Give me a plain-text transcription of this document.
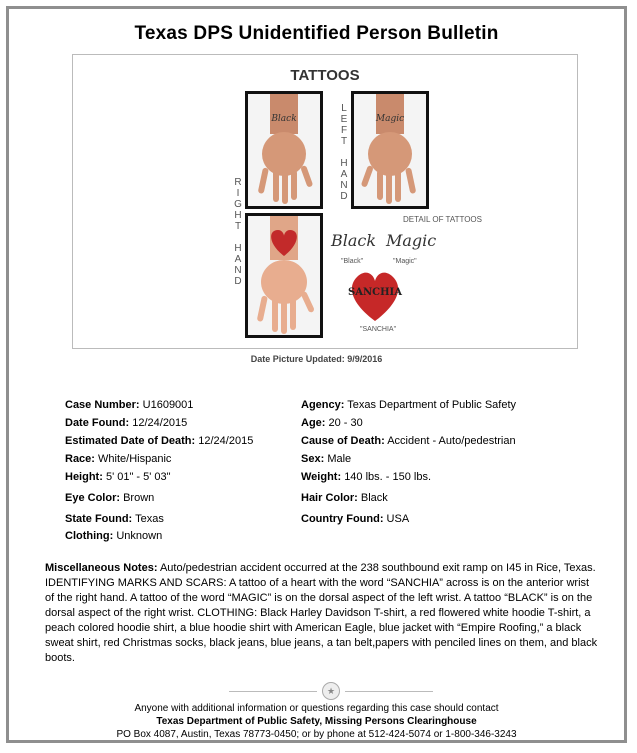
Texas DPS Unidentified Person Bulletin
TATTOOS
Black
L
E
F
T

H
A
N
D
Magic
R
I
G
H
T

H
A
N
D
DETAIL OF TATTOOS
Black Magic
"Black"	"Magic"
SANCHIA
"SANCHIA"
Date Picture Updated: 9/9/2016
Case Number: U1609001
Date Found: 12/24/2015
Estimated Date of Death: 12/24/2015
Race: White/Hispanic
Height: 5' 01" - 5' 03"
Eye Color: Brown
State Found: Texas
Clothing: Unknown
Agency: Texas Department of Public Safety
Age: 20 - 30
Cause of Death: Accident - Auto/pedestrian
Sex: Male
Weight: 140 lbs. - 150 lbs.
Hair Color: Black
Country Found: USA
Miscellaneous Notes: Auto/pedestrian accident occurred at the 238 southbound exit ramp on I45 in Rice, Texas. IDENTIFYING MARKS AND SCARS: A tattoo of a heart with the word “SANCHIA” across is on the anterior wrist of the right hand. A tattoo of the word “MAGIC” is on the dorsal aspect of the left wrist. A tattoo “BLACK” is on the dorsal aspect of the right wrist. CLOTHING: Black Harley Davidson T-shirt, a red flowered white hoodie T-shirt, a peach colored hoodie shirt, a blue hoodie shirt with American Eagle, blue jacket with “Empire Roofing,” a black sweat shirt, red Christmas socks, black jeans, blue jeans, a tan belt,papers with penciled lines on them, and black boots.
★
Anyone with additional information or questions regarding this case should contact
Texas Department of Public Safety, Missing Persons Clearinghouse
PO Box 4087, Austin, Texas 78773-0450; or by phone at 512-424-5074 or 1-800-346-3243
